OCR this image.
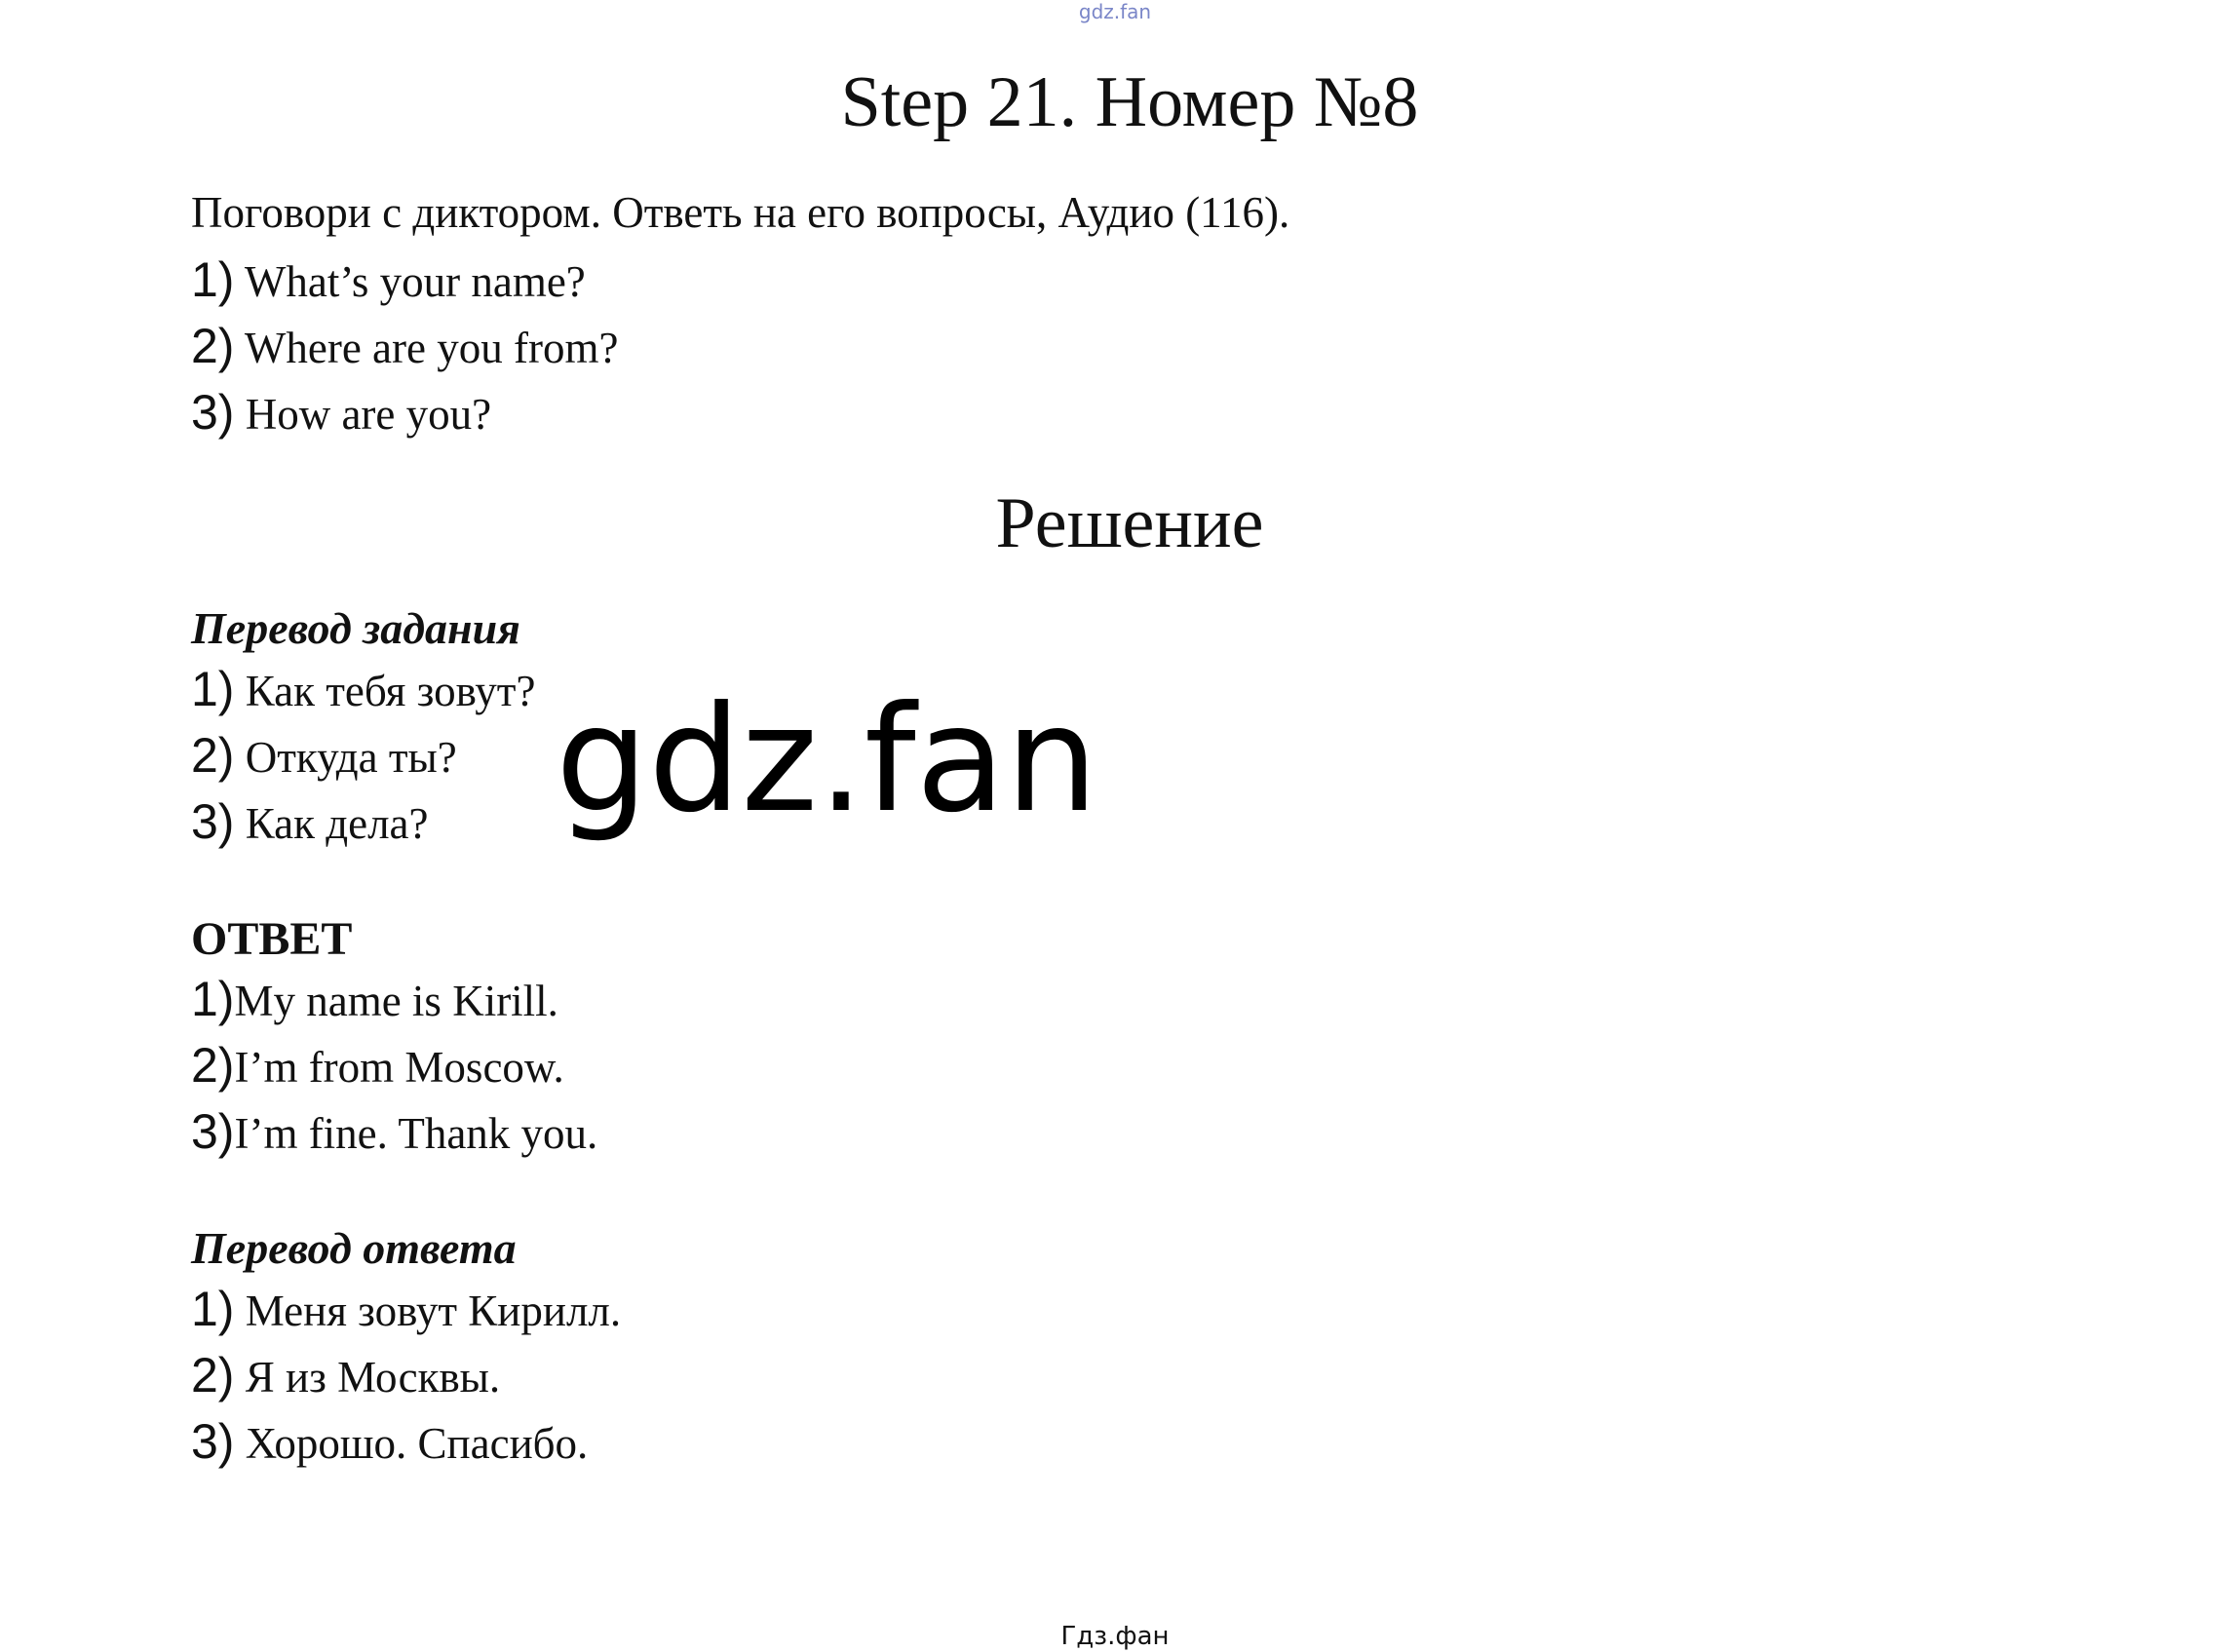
gdz.fan
Step 21. Номер №8
Поговори с диктором. Ответь на его вопросы, Аудио (116).
1) What’s your name?
2) Where are you from?
3) How are you?
Решение
Перевод задания
1) Как тебя зовут?
2) Откуда ты?
3) Как дела? gdz.fan
ОТВЕТ
1)My name is Kirill.
2)I’m from Moscow.
3)I’m fine. Thank you.
Перевод ответа
1) Меня зовут Кирилл.
2) Я из Москвы.
3) Хорошо. Спасибо.
Гдз.фан
